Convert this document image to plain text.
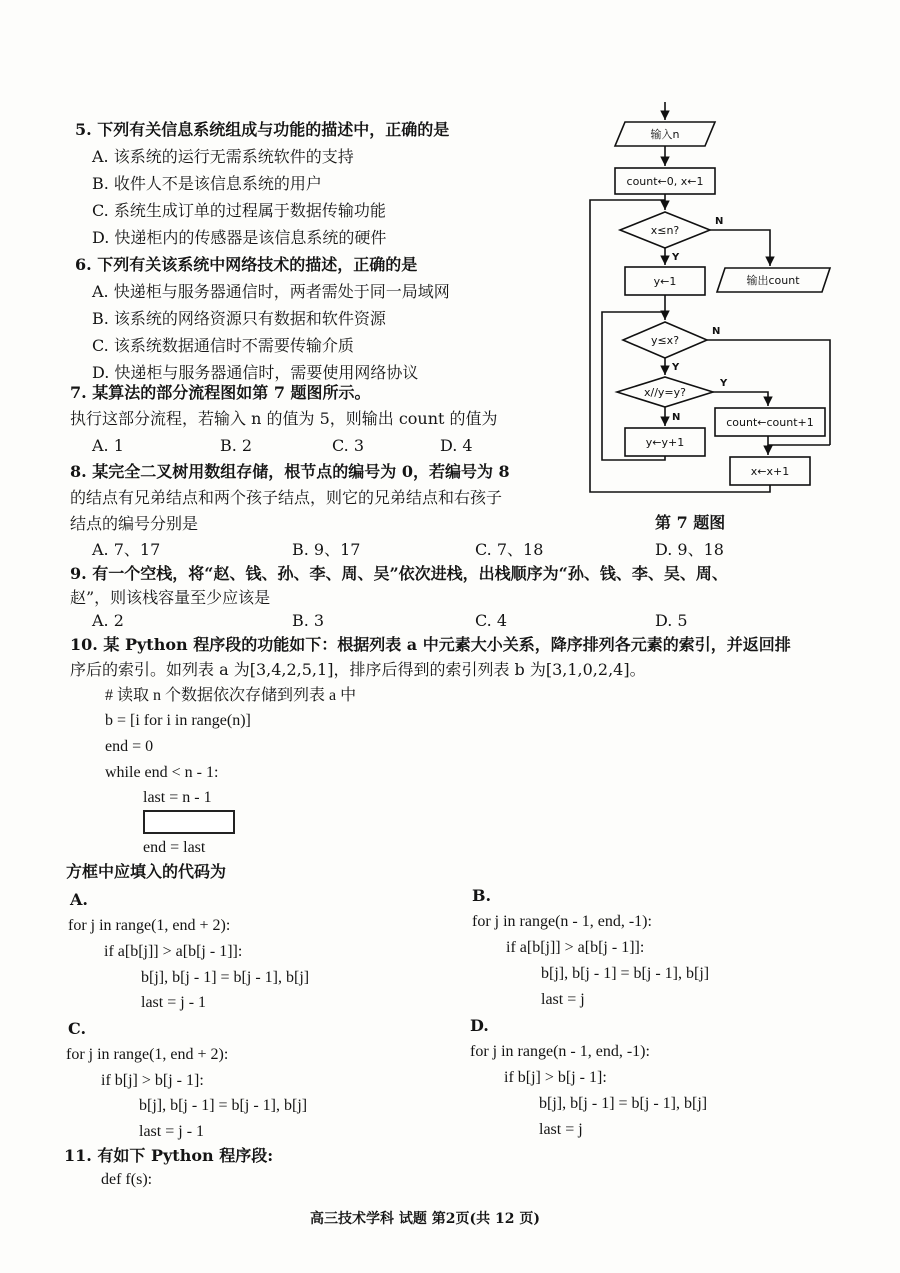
5. 下列有关信息系统组成与功能的描述中，正确的是
A. 该系统的运行无需系统软件的支持
B. 收件人不是该信息系统的用户
C. 系统生成订单的过程属于数据传输功能
D. 快递柜内的传感器是该信息系统的硬件
6. 下列有关该系统中网络技术的描述，正确的是
A. 快递柜与服务器通信时，两者需处于同一局域网
B. 该系统的网络资源只有数据和软件资源
C. 该系统数据通信时不需要传输介质
D. 快递柜与服务器通信时，需要使用网络协议
7. 某算法的部分流程图如第 7 题图所示。
执行这部分流程，若输入 n 的值为 5，则输出 count 的值为
A. 1	B. 2	C. 3	D. 4
输入n
count←0, x←1
x≤n?
N
Y
y←1	输出count
y≤x?
N
Y
x//y=y?
Y
N	count←count+1
y←y+1
x←x+1
第 7 题图
8. 某完全二叉树用数组存储，根节点的编号为 0，若编号为 8
的结点有兄弟结点和两个孩子结点，则它的兄弟结点和右孩子
结点的编号分别是
A. 7、17	B. 9、17	C. 7、18	D. 9、18
9. 有一个空栈，将“赵、钱、孙、李、周、吴”依次进栈，出栈顺序为“孙、钱、李、吴、周、
赵”，则该栈容量至少应该是
A. 2	B. 3	C. 4	D. 5
10. 某 Python 程序段的功能如下：根据列表 a 中元素大小关系，降序排列各元素的索引，并返回排
序后的索引。如列表 a 为[3,4,2,5,1]，排序后得到的索引列表 b 为[3,1,0,2,4]。
# 读取 n 个数据依次存储到列表 a 中
b = [i for i in range(n)]
end = 0
while end < n - 1:
last = n - 1
end = last
方框中应填入的代码为
A.
for j in range(1, end + 2):
if a[b[j]] > a[b[j - 1]]:
b[j], b[j - 1] = b[j - 1], b[j]
last = j - 1
B.
for j in range(n - 1, end, -1):
if a[b[j]] > a[b[j - 1]]:
b[j], b[j - 1] = b[j - 1], b[j]
last = j
C.
for j in range(1, end + 2):
if b[j] > b[j - 1]:
b[j], b[j - 1] = b[j - 1], b[j]
last = j - 1
D.
for j in range(n - 1, end, -1):
if b[j] > b[j - 1]:
b[j], b[j - 1] = b[j - 1], b[j]
last = j
11. 有如下 Python 程序段:
def f(s):
高三技术学科 试题 第2页(共 12 页)
